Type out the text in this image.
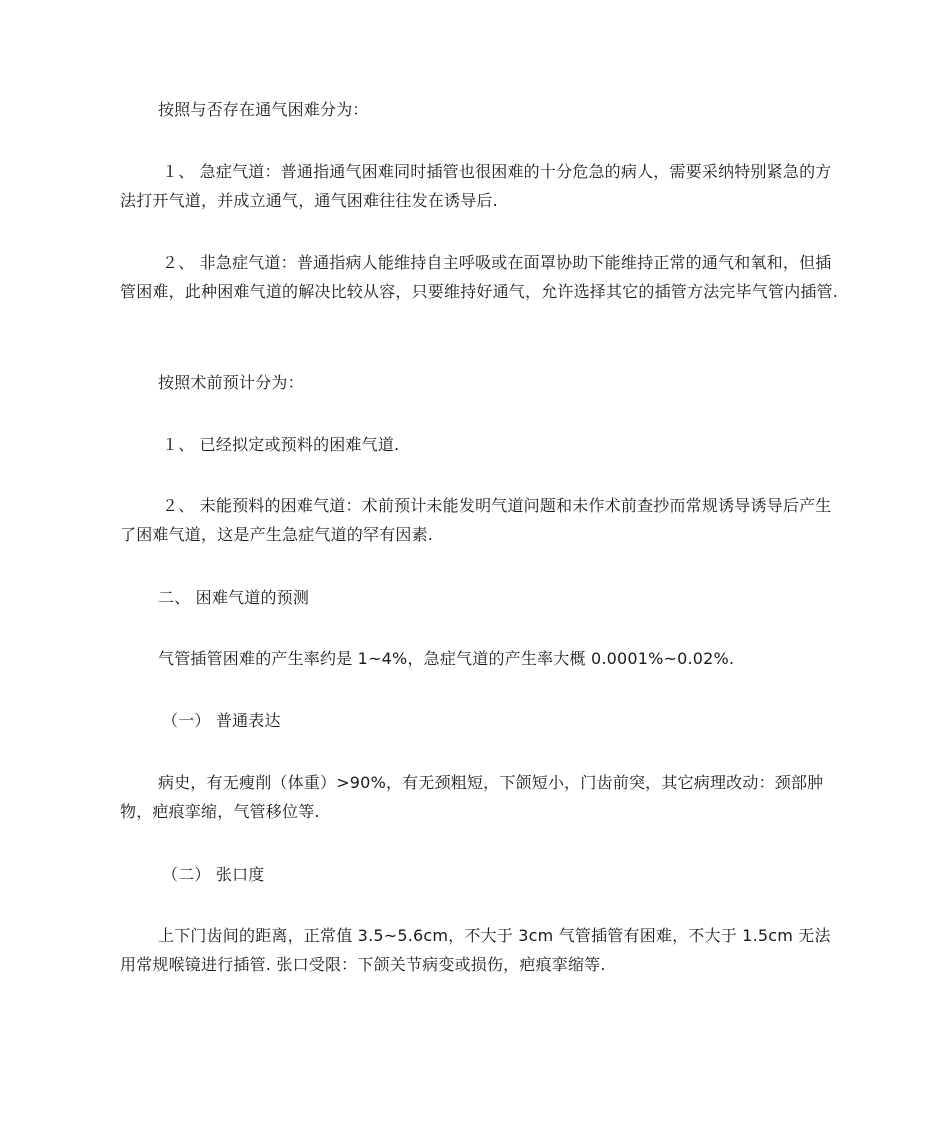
按照与否存在通气困难分为：

１、 急症气道：普通指通气困难同时插管也很困难的十分危急的病人，需要采纳特别紧急的方法打开气道，并成立通气，通气困难往往发在诱导后.

２、 非急症气道：普通指病人能维持自主呼吸或在面罩协助下能维持正常的通气和氧和，但插管困难，此种困难气道的解决比较从容，只要维持好通气，允许选择其它的插管方法完毕气管内插管.

按照术前预计分为：

１、 已经拟定或预料的困难气道.

２、 未能预料的困难气道：术前预计未能发明气道问题和未作术前查抄而常规诱导诱导后产生了困难气道，这是产生急症气道的罕有因素.

二、 困难气道的预测

气管插管困难的产生率约是 1~4%，急症气道的产生率大概 0.0001%~0.02%.

（一） 普通表达

病史，有无瘦削（体重）>90%，有无颈粗短，下颌短小，门齿前突，其它病理改动：颈部肿物，疤痕挛缩，气管移位等.

（二） 张口度

上下门齿间的距离，正常值 3.5~5.6cm，不大于 3cm 气管插管有困难，不大于 1.5cm 无法用常规喉镜进行插管. 张口受限：下颌关节病变或损伤，疤痕挛缩等.
